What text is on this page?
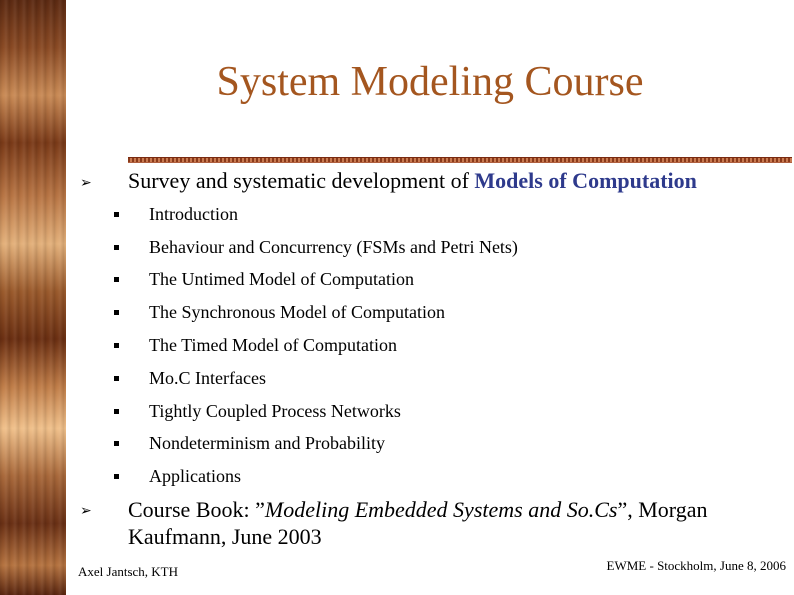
System Modeling Course
➢ Survey and systematic development of Models of Computation
Introduction
Behaviour and Concurrency (FSMs and Petri Nets)
The Untimed Model of Computation
The Synchronous Model of Computation
The Timed Model of Computation
Mo.C Interfaces
Tightly Coupled Process Networks
Nondeterminism and Probability
Applications
➢ Course Book: ”Modeling Embedded Systems and So.Cs”, Morgan
Kaufmann, June 2003
Axel Jantsch, KTH	EWME - Stockholm, June 8, 2006
